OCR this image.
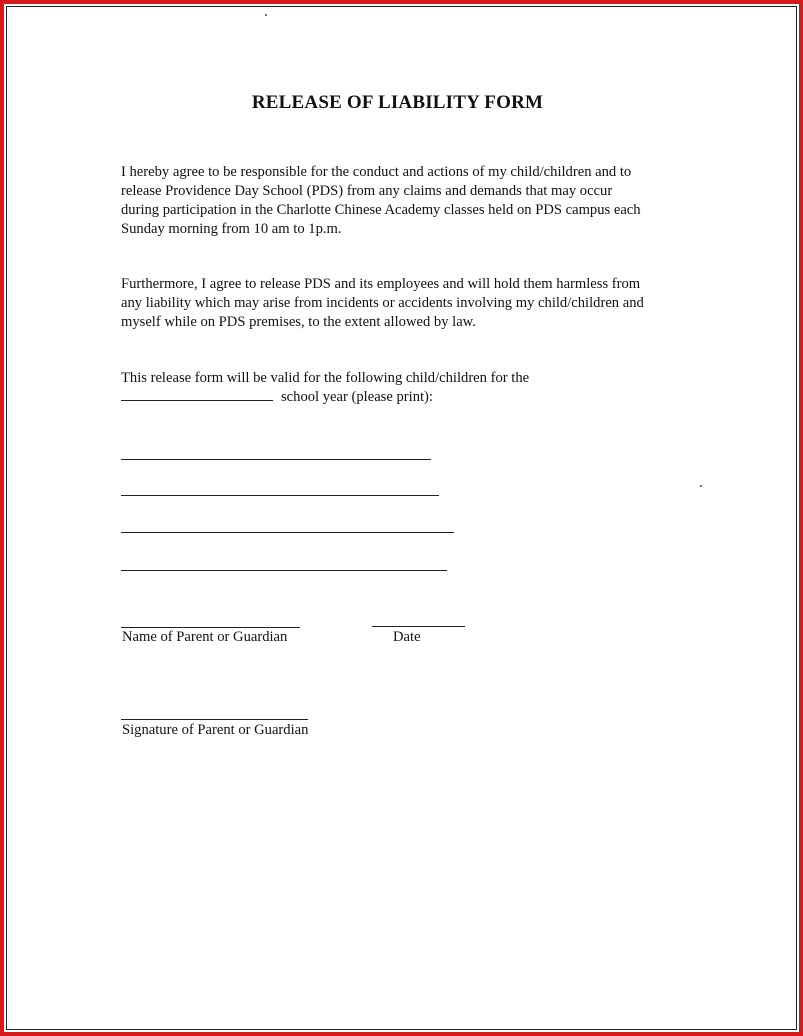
RELEASE OF LIABILITY FORM

I hereby agree to be responsible for the conduct and actions of my child/children and to
release Providence Day School (PDS) from any claims and demands that may occur
during participation in the Charlotte Chinese Academy classes held on PDS campus each
Sunday morning from 10 am to 1p.m.

Furthermore, I agree to release PDS and its employees and will hold them harmless from
any liability which may arise from incidents or accidents involving my child/children and
myself while on PDS premises, to the extent allowed by law.

This release form will be valid for the following child/children for the
school year (please print):

Name of Parent or Guardian	Date
Signature of Parent or Guardian
